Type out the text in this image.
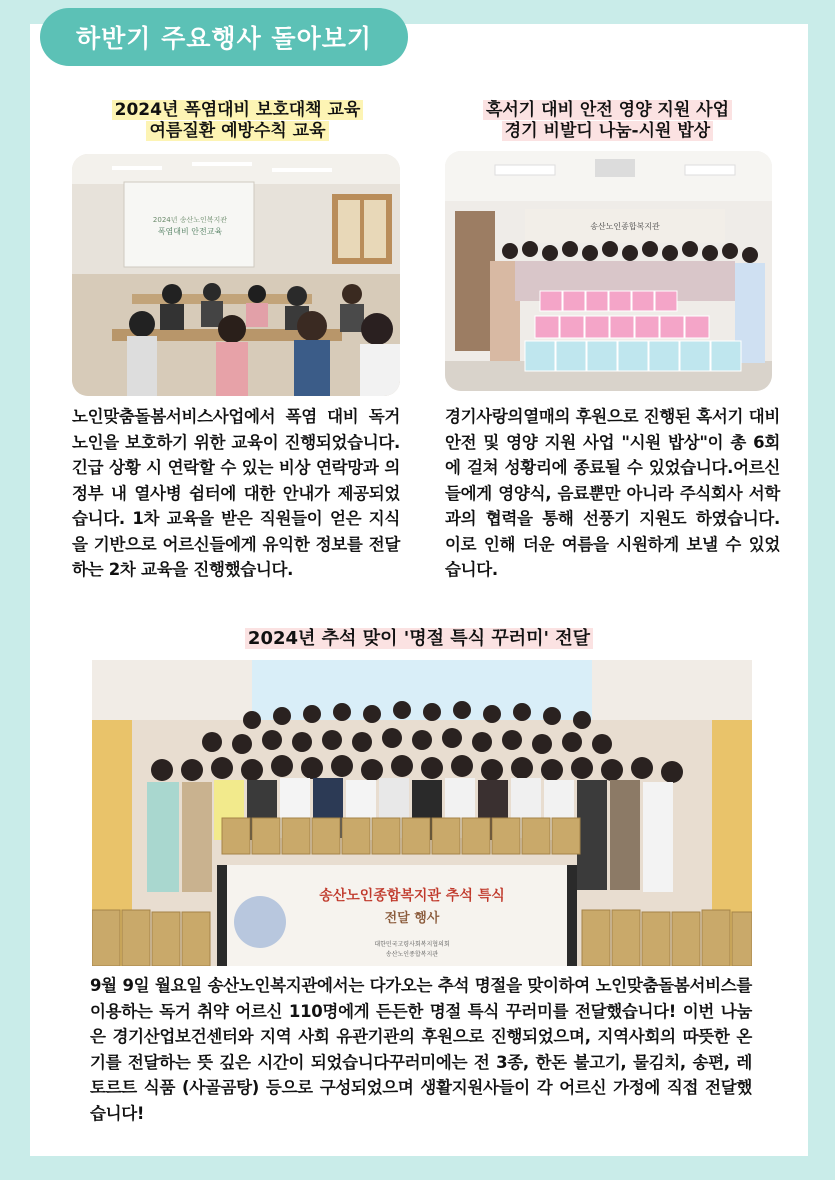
하반기 주요행사 돌아보기
2024년 폭염대비 보호대책 교육
여름질환 예방수칙 교육
2024년 송산노인복지관
폭염대비 안전교육
노인맞춤돌봄서비스사업에서 폭염 대비 독거노인을 보호하기 위한 교육이 진행되었습니다. 긴급 상황 시 연락할 수 있는 비상 연락망과 의정부 내 열사병 쉼터에 대한 안내가 제공되었습니다. 1차 교육을 받은 직원들이 얻은 지식을 기반으로 어르신들에게 유익한 정보를 전달하는 2차 교육을 진행했습니다.
혹서기 대비 안전 영양 지원 사업
경기 비발디 나눔-시원 밥상
송산노인종합복지관
경기사랑의열매의 후원으로 진행된 혹서기 대비 안전 및 영양 지원 사업 "시원 밥상"이 총 6회에 걸쳐 성황리에 종료될 수 있었습니다.어르신들에게 영양식, 음료뿐만 아니라 주식회사 서학과의 협력을 통해 선풍기 지원도 하였습니다. 이로 인해 더운 여름을 시원하게 보낼 수 있었습니다.
2024년 추석 맞이 '명절 특식 꾸러미' 전달
송산노인종합복지관 추석 특식
전달 행사
대한민국고령사회복지협의회
송산노인종합복지관
9월 9일 월요일 송산노인복지관에서는 다가오는 추석 명절을 맞이하여 노인맞춤돌봄서비스를 이용하는 독거 취약 어르신 110명에게 든든한 명절 특식 꾸러미를 전달했습니다! 이번 나눔은 경기산업보건센터와 지역 사회 유관기관의 후원으로 진행되었으며, 지역사회의 따뜻한 온기를 전달하는 뜻 깊은 시간이 되었습니다꾸러미에는 전 3종, 한돈 불고기, 물김치, 송편, 레토르트 식품 (사골곰탕) 등으로 구성되었으며 생활지원사들이 각 어르신 가정에 직접 전달했습니다!
